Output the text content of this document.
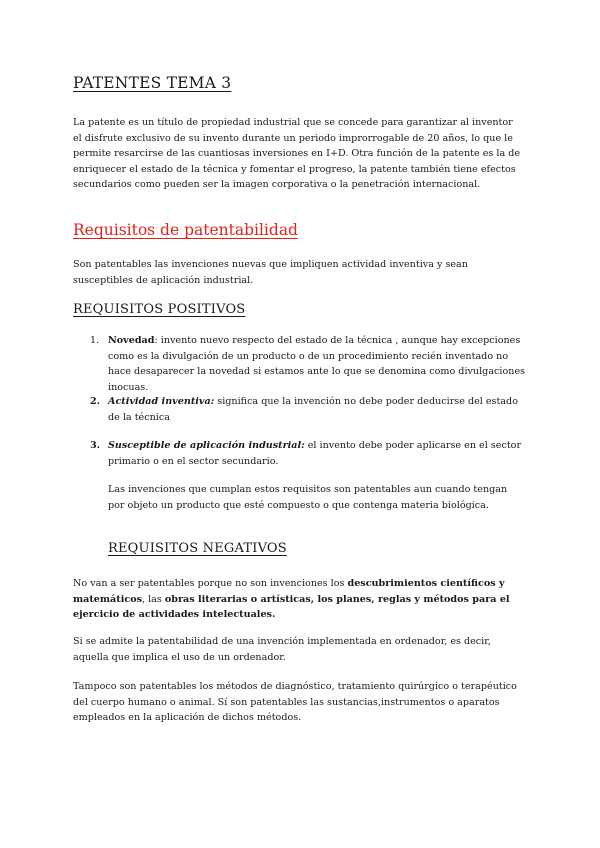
PATENTES TEMA 3

La patente es un título de propiedad industrial que se concede para garantizar al inventor el disfrute exclusivo de su invento durante un periodo improrrogable de 20 años, lo que le permite resarcirse de las cuantiosas inversiones en I+D. Otra función de la patente es la de enriquecer el estado de la técnica y fomentar el progreso, la patente también tiene efectos secundarios como pueden ser la imagen corporativa o la penetración internacional.

Requisitos de patentabilidad

Son patentables las invenciones nuevas que impliquen actividad inventiva y sean susceptibles de aplicación industrial.

REQUISITOS POSITIVOS
1. Novedad: invento nuevo respecto del estado de la técnica , aunque hay excepciones como es la divulgación de un producto o de un procedimiento recién inventado no hace desaparecer la novedad si estamos ante lo que se denomina como divulgaciones inocuas.
2. Actividad inventiva: significa que la invención no debe poder deducirse del estado de la técnica
3. Susceptible de aplicación industrial: el invento debe poder aplicarse en el sector primario o en el sector secundario.

Las invenciones que cumplan estos requisitos son patentables aun cuando tengan por objeto un producto que esté compuesto o que contenga materia biológica.

REQUISITOS NEGATIVOS

No van a ser patentables porque no son invenciones los descubrimientos científicos y matemáticos, las obras literarias o artísticas, los planes, reglas y métodos para el ejercicio de actividades intelectuales.

Si se admite la patentabilidad de una invención implementada en ordenador, es decir, aquella que implica el uso de un ordenador.

Tampoco son patentables los métodos de diagnóstico, tratamiento quirúrgico o terapéutico del cuerpo humano o animal. Sí son patentables las sustancias,instrumentos o aparatos empleados en la aplicación de dichos métodos.
